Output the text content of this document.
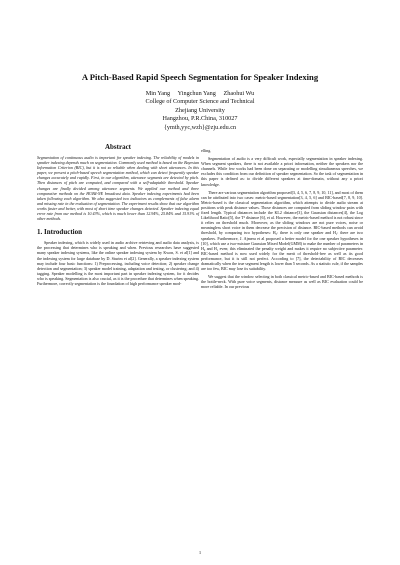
A Pitch-Based Rapid Speech Segmentation for Speaker Indexing
Min Yang     Yingchun Yang     Zhaohui Wu
College of Computer Science and Technical
Zhejiang University
Hangzhou, P.R.China, 310027
{ymth,yyc,wzh}@zju.edu.cn
Abstract

Segmentation of continuous audio is important for speaker indexing. The reliability of models in speaker indexing depends much on segmentation. Commonly used method is based on the Bayesian Information Criterion (BIC), but it is not so reliable when dealing with short utterances. In this paper, we present a pitch-based speech segmentation method, which can detect frequently speaker changes accurately and rapidly. First, in our algorithm, utterance segments are detected by pitch. Then distances of pitch are computed, and compared with a self-adaptable threshold. Speaker changes are finally decided among utterance segments. We applied our method and three comparative methods on the HUB4-NE broadcast data. Speaker indexing experiments had been taken following each algorithm. We also suggested two indicators as complements of false alarm and missing rate in the evaluation of segmentation. The experiment results show that our algorithm works faster and better, with most of short time speaker changes detected. Speaker indexing equal error rate from our method is 10.43%, which is much lower than 12.94%, 25.84% and 15.91% of other methods.

1. Introduction

Speaker indexing, which is widely used in audio archive retrieving and audio data analysis, is the processing that determines who is speaking and when. Previous researches have suggested many speaker indexing systems, like the online speaker indexing system by Kwon, S. et al[1] and the indexing system for large database by D. Sturim et al[2]. Generally, a speaker indexing system may include four basic functions: 1) Preprocessing, including voice detection; 2) speaker change detection and segmentation; 3) speaker model training, adaptation and testing, or clustering; and 4) tagging. Speaker modelling is the most important part in speaker indexing system, for it decides who is speaking. Segmentation is also crucial, as it is the procedure that determines when speaking. Furthermore, correctly segmentation is the foundation of high performance speaker mod-

elling.

Segmentation of audio is a very difficult work, especially segmentation in speaker indexing. When segment speakers, there is not available a priori information, neither the speakers nor the channels. While few works had been done on separating or modelling simultaneous speeches, we excludes this condition from our definition of speaker segmentation. So the task of segmentation in this paper is defined as: to divide different speakers at time-domain, without any a priori knowledge.

There are various segmentation algorithm proposed[3, 4, 5, 6, 7, 8, 9, 10, 11], and most of them can be attributed into two cases: metric-based segmentation[3, 4, 5, 6] and BIC-based[7, 8, 9, 10]. Metric-based is the classical segmentation algorithm, which attempts to divide audio stream at positions with peak distance values. Those distances are computed from sliding window pairs with fixed length. Typical distances include the KL2 distance[3], the Gaussian distances[4], the Log Likelihood Ratio[5], the T² distance [6], et al. However, the metric-based method is not robust since it relies on threshold much. Moreover, as the sliding windows are not pure voices, noise or meaningless short voice in them decrease the precision of distance. BIC-based methods can avoid threshold, by comparing two hypotheses: H₀: there is only one speaker and H₁: there are two speakers. Furthermore, J. Ajmera et al proposed a better model for the one speaker hypotheses in [10], which use a two-mixture Gaussian Mixed Model(GMM) to make the number of parameters in H₀ and H₁ even; this eliminated the penalty weight and makes it require no subjective parameter. BIC-based method is now used widely for the merit of threshold-free as well as its good performance, but it is still not perfect. According to [7], the detectability of BIC decreases dramatically when the true segment length is lower than 5 seconds. As a statistic rule, if the samples are too few, BIC may lose its suitability.

We suggest that the window selecting in both classical metric-based and BIC-based methods is the bottle-neck. With pure voice segments, distance measure as well as BIC evaluation could be more reliable. In our previous

1
